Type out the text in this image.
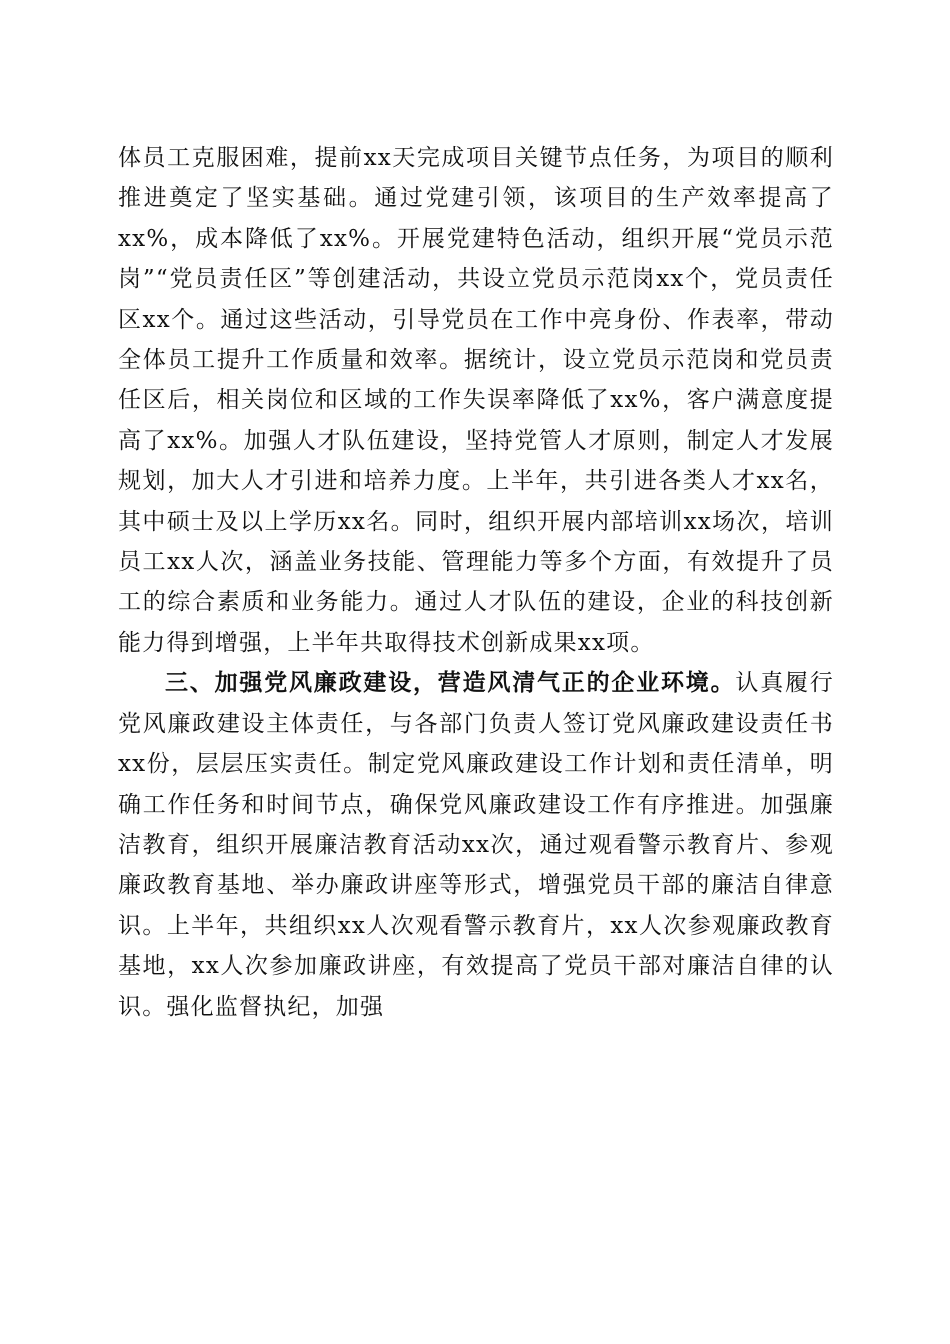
体员工克服困难，提前xx天完成项目关键节点任务，为项目的顺利推进奠定了坚实基础。通过党建引领，该项目的生产效率提高了xx%，成本降低了xx%。开展党建特色活动，组织开展“党员示范岗”“党员责任区”等创建活动，共设立党员示范岗xx个，党员责任区xx个。通过这些活动，引导党员在工作中亮身份、作表率，带动全体员工提升工作质量和效率。据统计，设立党员示范岗和党员责任区后，相关岗位和区域的工作失误率降低了xx%，客户满意度提高了xx%。加强人才队伍建设，坚持党管人才原则，制定人才发展规划，加大人才引进和培养力度。上半年，共引进各类人才xx名，其中硕士及以上学历xx名。同时，组织开展内部培训xx场次，培训员工xx人次，涵盖业务技能、管理能力等多个方面，有效提升了员工的综合素质和业务能力。通过人才队伍的建设，企业的科技创新能力得到增强，上半年共取得技术创新成果xx项。

三、加强党风廉政建设，营造风清气正的企业环境。认真履行党风廉政建设主体责任，与各部门负责人签订党风廉政建设责任书xx份，层层压实责任。制定党风廉政建设工作计划和责任清单，明确工作任务和时间节点，确保党风廉政建设工作有序推进。加强廉洁教育，组织开展廉洁教育活动xx次，通过观看警示教育片、参观廉政教育基地、举办廉政讲座等形式，增强党员干部的廉洁自律意识。上半年，共组织xx人次观看警示教育片，xx人次参观廉政教育基地，xx人次参加廉政讲座，有效提高了党员干部对廉洁自律的认识。强化监督执纪，加强
